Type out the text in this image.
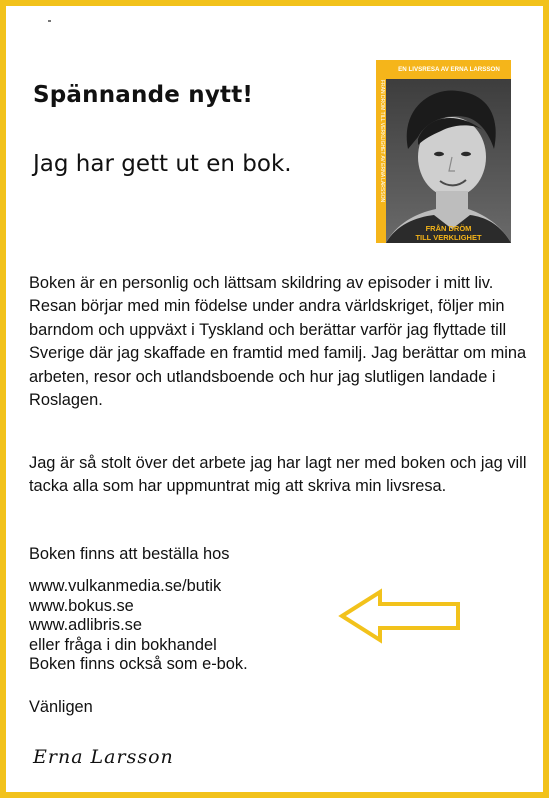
Spännande nytt!

Jag har gett ut en bok.	FRÅN DRÖM TILL VERKLIGHET AV ERNA LARSSON
EN LIVSRESA AV ERNA LARSSON
FRÅN DRÖM
TILL VERKLIGHET

Boken är en personlig och lättsam skildring av episoder i mitt liv. Resan börjar med min födelse under andra världskriget, följer min barndom och uppväxt i Tyskland och berättar varför jag flyttade till Sverige där jag skaffade en framtid med familj. Jag berättar om mina arbeten, resor och utlandsboende och hur jag slutligen landade i Roslagen.

Jag är så stolt över det arbete jag har lagt ner med boken och jag vill tacka alla som har uppmuntrat mig att skriva min livsresa.

Boken finns att beställa hos

www.vulkanmedia.se/butik
www.bokus.se
www.adlibris.se
eller fråga i din bokhandel
Boken finns också som e-bok.

Vänligen

Erna Larsson
